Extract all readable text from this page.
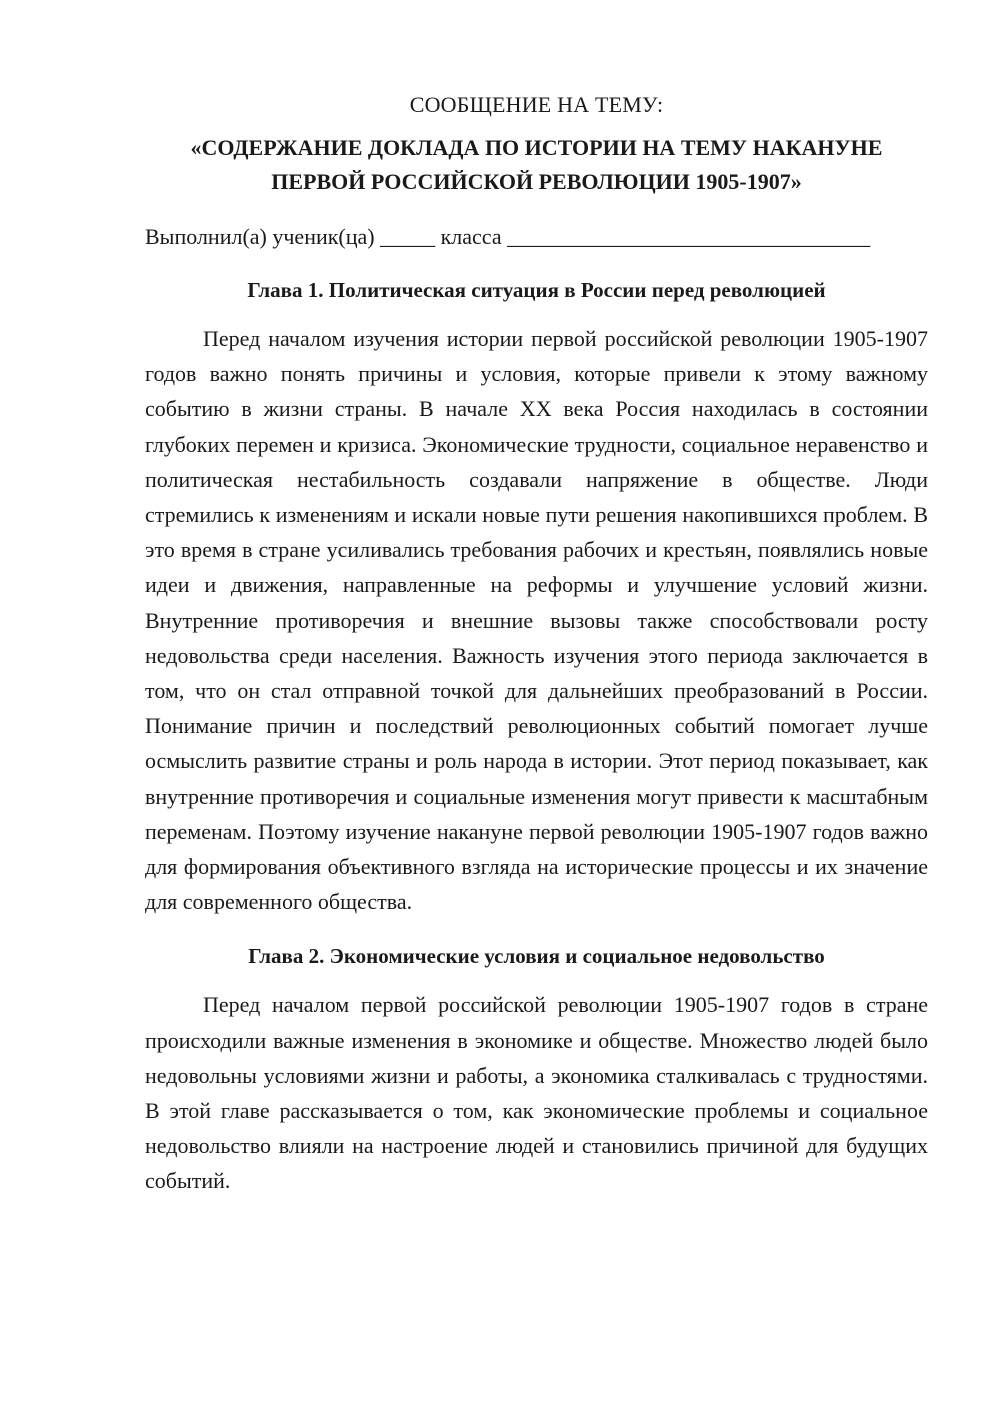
СООБЩЕНИЕ НА ТЕМУ:
«СОДЕРЖАНИЕ ДОКЛАДА ПО ИСТОРИИ НА ТЕМУ НАКАНУНЕ ПЕРВОЙ РОССИЙСКОЙ РЕВОЛЮЦИИ 1905-1907»
Выполнил(а) ученик(ца) _____ класса _________________________________
Глава 1. Политическая ситуация в России перед революцией

Перед началом изучения истории первой российской революции 1905-1907 годов важно понять причины и условия, которые привели к этому важному событию в жизни страны. В начале XX века Россия находилась в состоянии глубоких перемен и кризиса. Экономические трудности, социальное неравенство и политическая нестабильность создавали напряжение в обществе. Люди стремились к изменениям и искали новые пути решения накопившихся проблем. В это время в стране усиливались требования рабочих и крестьян, появлялись новые идеи и движения, направленные на реформы и улучшение условий жизни. Внутренние противоречия и внешние вызовы также способствовали росту недовольства среди населения. Важность изучения этого периода заключается в том, что он стал отправной точкой для дальнейших преобразований в России. Понимание причин и последствий революционных событий помогает лучше осмыслить развитие страны и роль народа в истории. Этот период показывает, как внутренние противоречия и социальные изменения могут привести к масштабным переменам. Поэтому изучение накануне первой революции 1905-1907 годов важно для формирования объективного взгляда на исторические процессы и их значение для современного общества.

Глава 2. Экономические условия и социальное недовольство

Перед началом первой российской революции 1905-1907 годов в стране происходили важные изменения в экономике и обществе. Множество людей было недовольны условиями жизни и работы, а экономика сталкивалась с трудностями. В этой главе рассказывается о том, как экономические проблемы и социальное недовольство влияли на настроение людей и становились причиной для будущих событий.
